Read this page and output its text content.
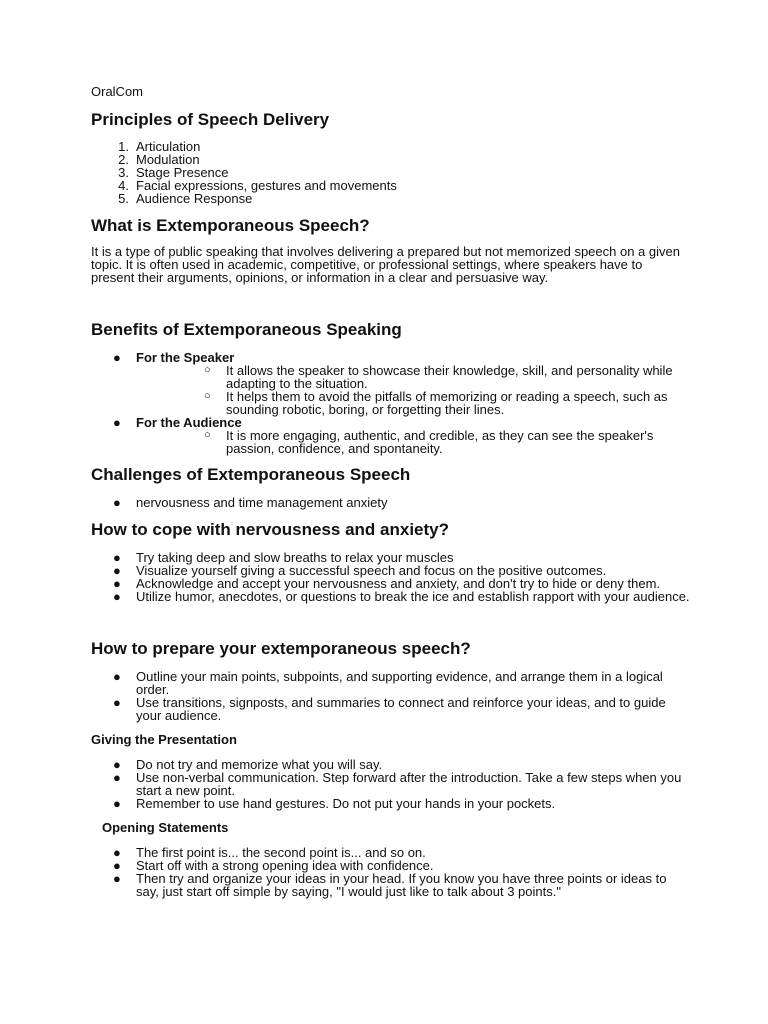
OralCom
Principles of Speech Delivery
1. Articulation
2. Modulation
3. Stage Presence
4. Facial expressions, gestures and movements
5. Audience Response
What is Extemporaneous Speech?

It is a type of public speaking that involves delivering a prepared but not memorized speech on a given topic. It is often used in academic, competitive, or professional settings, where speakers have to present their arguments, opinions, or information in a clear and persuasive way.

Benefits of Extemporaneous Speaking
● For the Speaker
○ It allows the speaker to showcase their knowledge, skill, and personality while adapting to the situation.
○ It helps them to avoid the pitfalls of memorizing or reading a speech, such as sounding robotic, boring, or forgetting their lines.
● For the Audience
○ It is more engaging, authentic, and credible, as they can see the speaker's passion, confidence, and spontaneity.
Challenges of Extemporaneous Speech
● nervousness and time management anxiety
How to cope with nervousness and anxiety?
● Try taking deep and slow breaths to relax your muscles
● Visualize yourself giving a successful speech and focus on the positive outcomes.
● Acknowledge and accept your nervousness and anxiety, and don't try to hide or deny them.
● Utilize humor, anecdotes, or questions to break the ice and establish rapport with your audience.
How to prepare your extemporaneous speech?
● Outline your main points, subpoints, and supporting evidence, and arrange them in a logical order.
● Use transitions, signposts, and summaries to connect and reinforce your ideas, and to guide your audience.
Giving the Presentation
● Do not try and memorize what you will say.
● Use non-verbal communication. Step forward after the introduction. Take a few steps when you start a new point.
● Remember to use hand gestures. Do not put your hands in your pockets.
Opening Statements
● The first point is... the second point is... and so on.
● Start off with a strong opening idea with confidence.
● Then try and organize your ideas in your head. If you know you have three points or ideas to say, just start off simple by saying, "I would just like to talk about 3 points."
